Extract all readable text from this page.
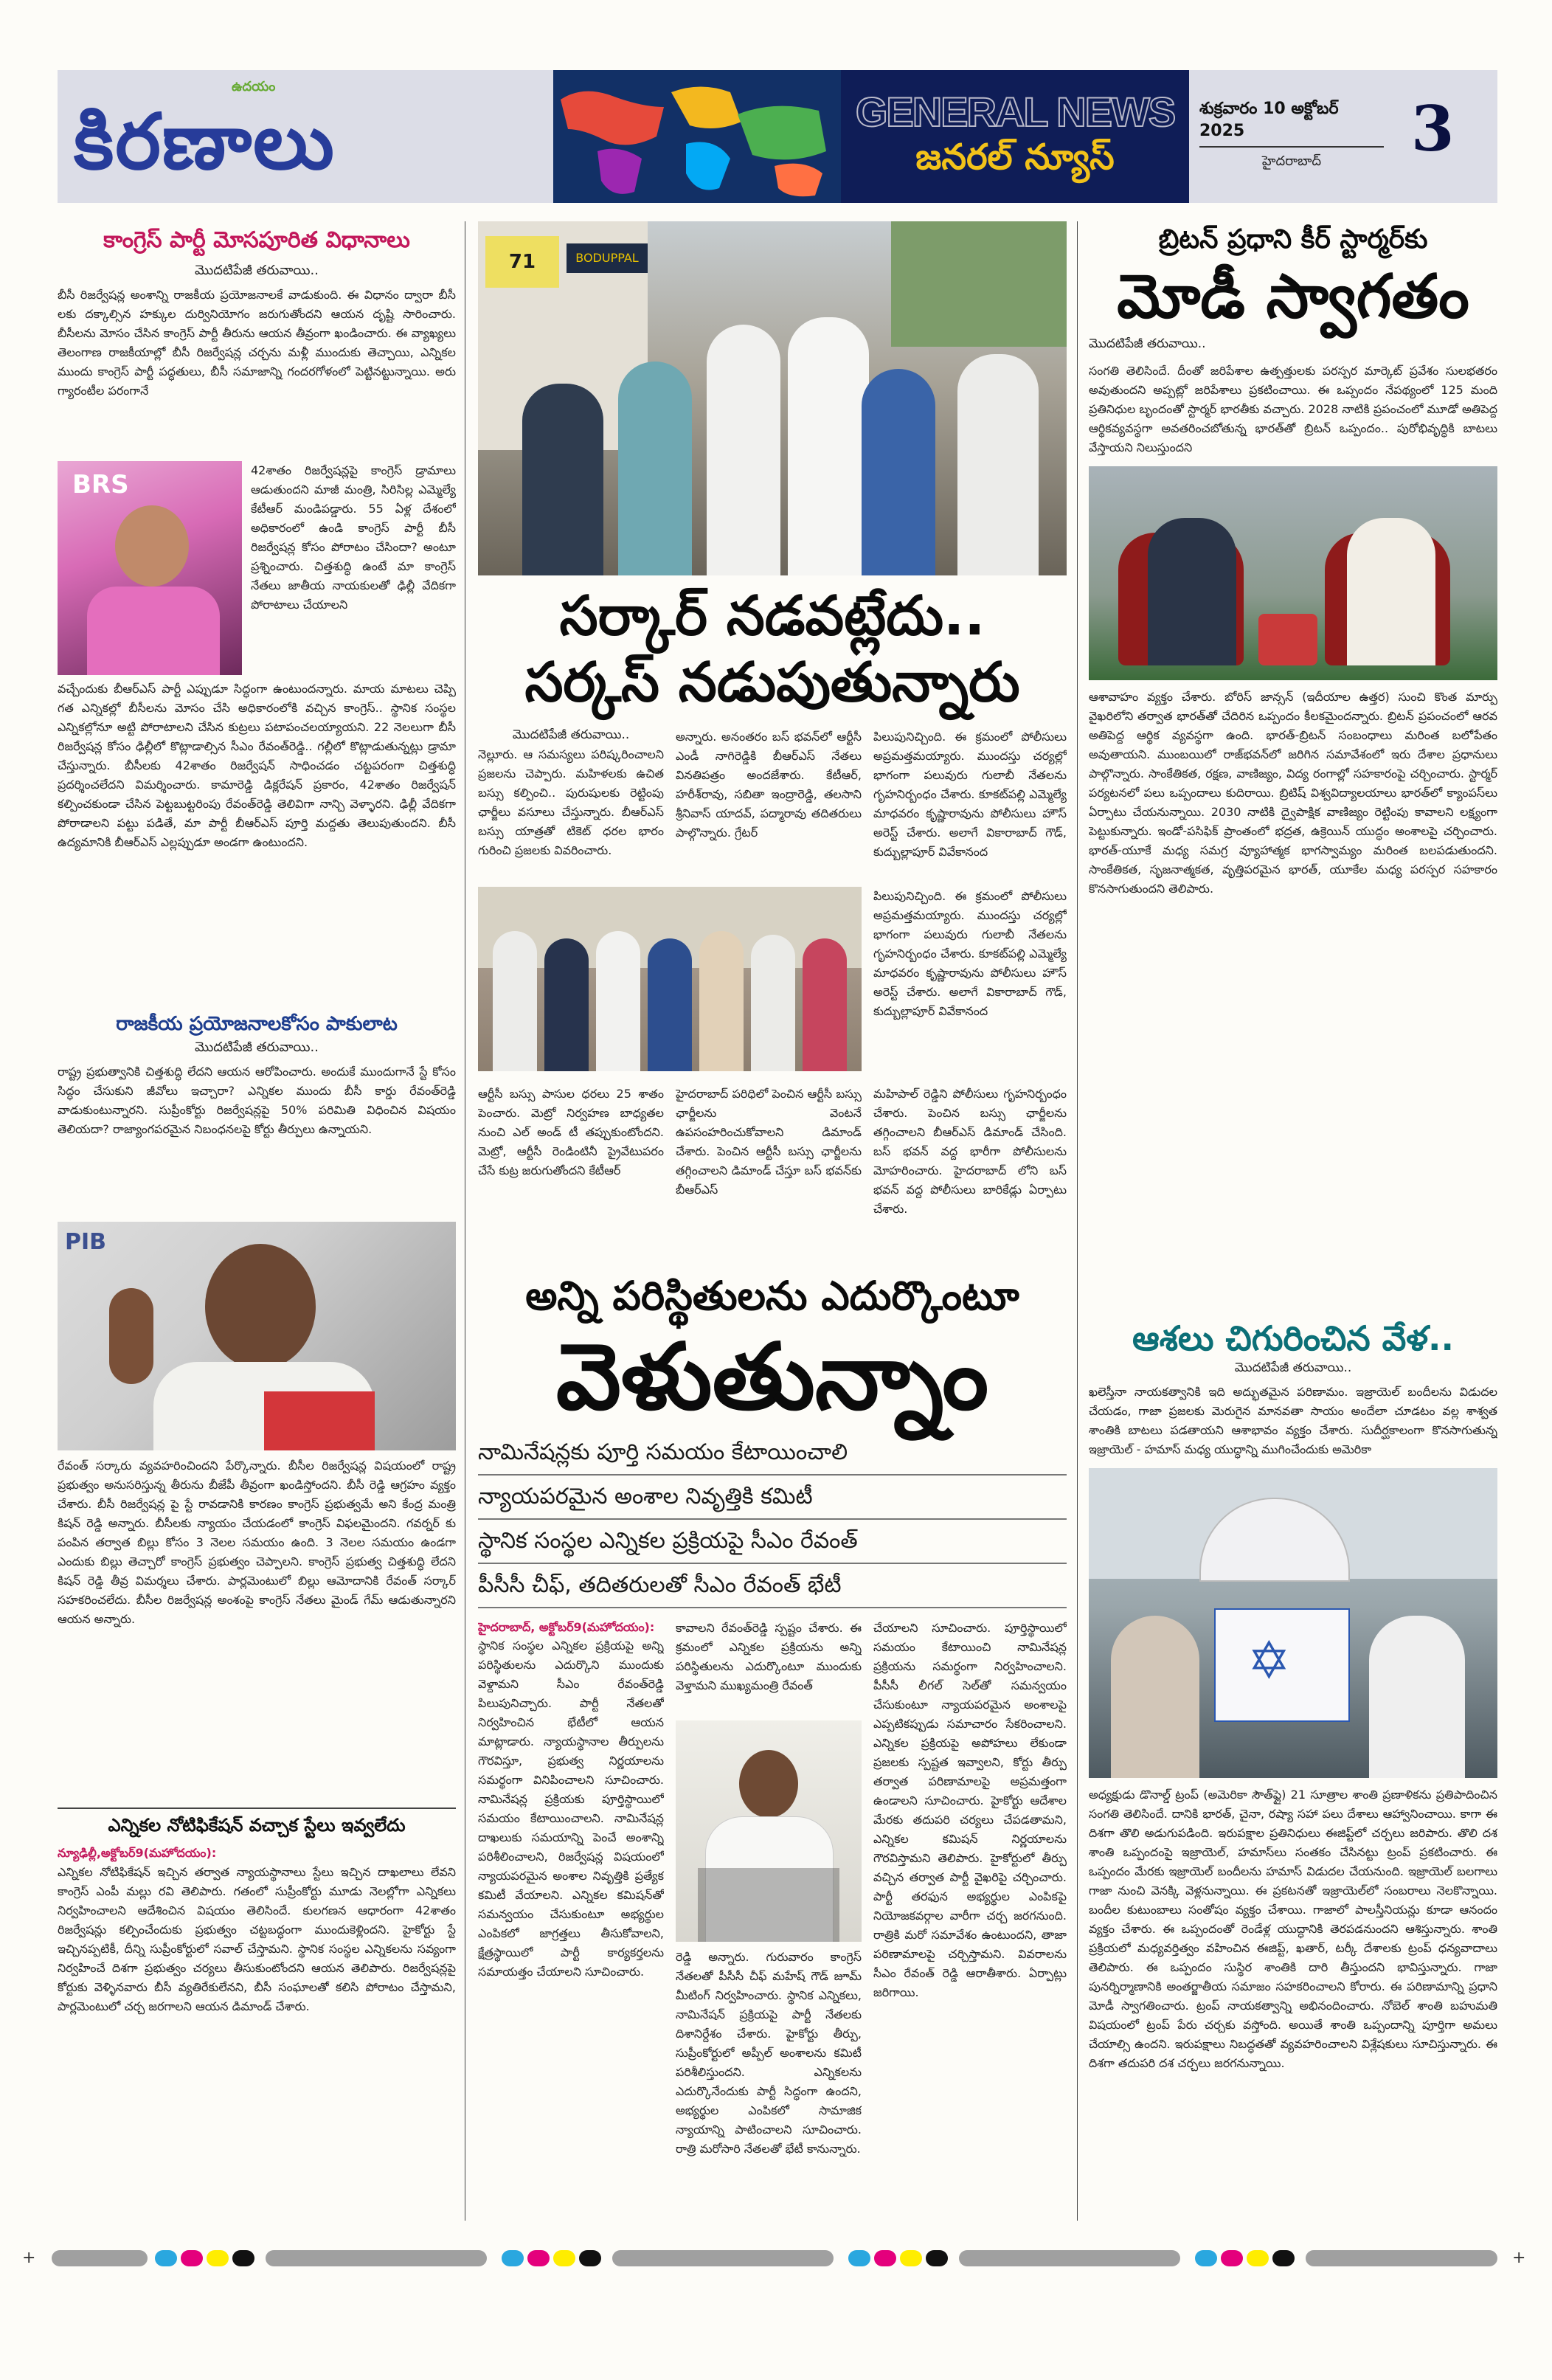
ఉదయం
కిరణాలు	GENERAL NEWS
జనరల్ న్యూస్
శుక్రవారం 10 అక్టోబర్ 2025
హైదరాబాద్	3
కాంగ్రెస్ పార్టీ మోసపూరిత విధానాలు
మొదటిపేజీ తరువాయి..
బీసీ రిజర్వేషన్ల అంశాన్ని రాజకీయ ప్రయోజనాలకే వాడుకుంది. ఈ విధానం ద్వారా బీసీ లకు దక్కాల్సిన హక్కుల దుర్వినియోగం జరుగుతోందని ఆయన దృష్టి సారించారు. బీసీలను మోసం చేసిన కాంగ్రెస్ పార్టీ తీరును ఆయన తీవ్రంగా ఖండించారు. ఈ వ్యాఖ్యలు తెలంగాణ రాజకీయాల్లో బీసీ రిజర్వేషన్ల చర్చను మళ్లీ ముందుకు తెచ్చాయి, ఎన్నికల ముందు కాంగ్రెస్ పార్టీ పద్ధతులు, బీసీ సమాజాన్ని గందరగోళంలో పెట్టినట్టున్నాయి. అరు గ్యారంటీల పరంగానే
BRS	42శాతం రిజర్వేషన్లపై కాంగ్రెస్ డ్రామాలు ఆడుతుందని మాజీ మంత్రి, సిరిసిల్ల ఎమ్మెల్యే కేటీఆర్ మండిపడ్డారు. 55 ఏళ్ల దేశంలో అధికారంలో ఉండి కాంగ్రెస్ పార్టీ బీసీ రిజర్వేషన్ల కోసం పోరాటం చేసిందా? అంటూ ప్రశ్నించారు. చిత్తశుద్ధి ఉంటే మా కాంగ్రెస్ నేతలు జాతీయ నాయకులతో ఢిల్లీ వేదికగా పోరాటాలు చేయాలని
వచ్చేందుకు బీఆర్ఎస్ పార్టీ ఎప్పుడూ సిద్ధంగా ఉంటుందన్నారు. మాయ మాటలు చెప్పి గత ఎన్నికల్లో బీసీలను మోసం చేసి అధికారంలోకి వచ్చిన కాంగ్రెస్.. స్థానిక సంస్థల ఎన్నికల్లోనూ అట్టి పోరాటాలని చేసిన కుట్రలు పటాపంచలయ్యాయని. 22 నెలలుగా బీసీ రిజర్వేషన్ల కోసం ఢిల్లీలో కొట్లాడాల్సిన సీఎం రేవంత్‌రెడ్డి.. గల్లీలో కొట్లాడుతున్నట్లు డ్రామా చేస్తున్నారు. బీసీలకు 42శాతం రిజర్వేషన్ సాధించడం చట్టపరంగా చిత్తశుద్ధి ప్రదర్శించలేదని విమర్శించారు. కామారెడ్డి డిక్లరేషన్ ప్రకారం, 42శాతం రిజర్వేషన్ కల్పించకుండా చేసిన పెట్టబుట్టరింపు రేవంత్‌రెడ్డి తెలివిగా నాన్చి వెళ్ళారని. ఢిల్లీ వేదికగా పోరాడాలని పట్టు పడితే, మా పార్టీ బీఆర్ఎస్ పూర్తి మద్దతు తెలుపుతుందని. బీసీ ఉద్యమానికి బీఆర్ఎస్ ఎల్లప్పుడూ అండగా ఉంటుందని.
రాజకీయ ప్రయోజనాలకోసం పాకులాట
మొదటిపేజీ తరువాయి..
రాష్ట్ర ప్రభుత్వానికి చిత్తశుద్ధి లేదని ఆయన ఆరోపించారు. అందుకే ముందుగానే స్టే కోసం సిద్ధం చేసుకుని జీవోలు ఇచ్చారా? ఎన్నికల ముందు బీసీ కార్డు రేవంత్‌రెడ్డి వాడుకుంటున్నారని. సుప్రీంకోర్టు రిజర్వేషన్లపై 50% పరిమితి విధించిన విషయం తెలియదా? రాజ్యాంగపరమైన నిబంధనలపై కోర్టు తీర్పులు ఉన్నాయని.
PIB
రేవంత్ సర్కారు వ్యవహరించిందని పేర్కొన్నారు. బీసీల రిజర్వేషన్ల విషయంలో రాష్ట్ర ప్రభుత్వం అనుసరిస్తున్న తీరును బీజేపీ తీవ్రంగా ఖండిస్తోందని. బీసీ రెడ్డి ఆగ్రహం వ్యక్తం చేశారు. బీసీ రిజర్వేషన్ల పై స్టే రావడానికి కారణం కాంగ్రెస్ ప్రభుత్వమే అని కేంద్ర మంత్రి కిషన్ రెడ్డి అన్నారు. బీసీలకు న్యాయం చేయడంలో కాంగ్రెస్ విఫలమైందని. గవర్నర్ కు పంపిన తర్వాత బిల్లు కోసం 3 నెలల సమయం ఉంది. 3 నెలల సమయం ఉండగా ఎందుకు బిల్లు తెచ్చారో కాంగ్రెస్ ప్రభుత్వం చెప్పాలని. కాంగ్రెస్ ప్రభుత్వ చిత్తశుద్ధి లేదని కిషన్ రెడ్డి తీవ్ర విమర్శలు చేశారు. పార్లమెంటులో బిల్లు ఆమోదానికి రేవంత్ సర్కార్ సహకరించలేదు. బీసీల రిజర్వేషన్ల అంశంపై కాంగ్రెస్ నేతలు మైండ్ గేమ్ ఆడుతున్నారని ఆయన అన్నారు.
ఎన్నికల నోటిఫికేషన్ వచ్చాక స్టేలు ఇవ్వలేదు
న్యూఢిల్లీ,అక్టోబర్9(మహోదయం):
ఎన్నికల నోటిఫికేషన్ ఇచ్చిన తర్వాత న్యాయస్థానాలు స్టేలు ఇచ్చిన దాఖలాలు లేవని కాంగ్రెస్ ఎంపీ మల్లు రవి తెలిపారు. గతంలో సుప్రీంకోర్టు మూడు నెలల్లోగా ఎన్నికలు నిర్వహించాలని ఆదేశించిన విషయం తెలిసిందే. కులగణన ఆధారంగా 42శాతం రిజర్వేషన్లు కల్పించేందుకు ప్రభుత్వం చట్టబద్ధంగా ముందుకెళ్లిందని. హైకోర్టు స్టే ఇచ్చినప్పటికీ, దీన్ని సుప్రీంకోర్టులో సవాల్ చేస్తామని. స్థానిక సంస్థల ఎన్నికలను సవ్యంగా నిర్వహించే దిశగా ప్రభుత్వం చర్యలు తీసుకుంటోందని ఆయన తెలిపారు. రిజర్వేషన్లపై కోర్టుకు వెళ్ళినవారు బీసీ వ్యతిరేకులేనని, బీసీ సంఘాలతో కలిసి పోరాటం చేస్తామని, పార్లమెంటులో చర్చ జరగాలని ఆయన డిమాండ్ చేశారు.
71	BODUPPAL
సర్కార్ నడవట్లేదు..
సర్కస్ నడుపుతున్నారు
మొదటిపేజీ తరువాయి..
నెల్లూరు. ఆ సమస్యలు పరిష్కరించాలని ప్రజలను చెప్పారు. మహిళలకు ఉచిత బస్సు కల్పించి.. పురుషులకు రెట్టింపు ఛార్జీలు వసూలు చేస్తున్నారు. బీఆర్ఎస్ బస్సు యాత్రతో టికెట్ ధరల భారం గురించి ప్రజలకు వివరించారు.
అన్నారు. అనంతరం బస్ భవన్‌లో ఆర్టీసీ ఎండీ నాగిరెడ్డికి బీఆర్ఎస్ నేతలు వినతిపత్రం అందజేశారు. కేటీఆర్, హరీశ్‌రావు, సబితా ఇంద్రారెడ్డి, తలసాని శ్రీనివాస్ యాదవ్, పద్మారావు తదితరులు పాల్గొన్నారు. గ్రేటర్
పిలుపునిచ్చింది. ఈ క్రమంలో పోలీసులు అప్రమత్తమయ్యారు. ముందస్తు చర్యల్లో భాగంగా పలువురు గులాబీ నేతలను గృహనిర్బంధం చేశారు. కూకట్‌పల్లి ఎమ్మెల్యే మాధవరం కృష్ణారావును పోలీసులు హౌస్ అరెస్ట్ చేశారు. అలాగే వికారాబాద్ గౌడ్, కుద్బుల్లాపూర్ వివేకానంద
పిలుపునిచ్చింది. ఈ క్రమంలో పోలీసులు అప్రమత్తమయ్యారు. ముందస్తు చర్యల్లో భాగంగా పలువురు గులాబీ నేతలను గృహనిర్బంధం చేశారు. కూకట్‌పల్లి ఎమ్మెల్యే మాధవరం కృష్ణారావును పోలీసులు హౌస్ అరెస్ట్ చేశారు. అలాగే వికారాబాద్ గౌడ్, కుద్బుల్లాపూర్ వివేకానంద
ఆర్టీసీ బస్సు పాసుల ధరలు 25 శాతం పెంచారు. మెట్రో నిర్వహణ బాధ్యతల నుంచి ఎల్ అండ్ టీ తప్పుకుంటోందని. మెట్రో, ఆర్టీసీ రెండింటినీ ప్రైవేటుపరం చేసే కుట్ర జరుగుతోందని కేటీఆర్
హైదరాబాద్ పరిధిలో పెంచిన ఆర్టీసీ బస్సు ఛార్జీలను వెంటనే ఉపసంహరించుకోవాలని డిమాండ్ చేశారు. పెంచిన ఆర్టీసీ బస్సు ఛార్జీలను తగ్గించాలని డిమాండ్ చేస్తూ బస్ భవన్‌కు బీఆర్ఎస్
మహిపాల్ రెడ్డిని పోలీసులు గృహనిర్బంధం చేశారు. పెంచిన బస్సు ఛార్జీలను తగ్గించాలని బీఆర్ఎస్ డిమాండ్ చేసింది. బస్ భవన్ వద్ద భారీగా పోలీసులను మోహరించారు. హైదరాబాద్ లోని బస్ భవన్ వద్ద పోలీసులు బారికేడ్లు ఏర్పాటు చేశారు.
అన్ని పరిస్థితులను ఎదుర్కొంటూ
వెళుతున్నాం
నామినేషన్లకు పూర్తి సమయం కేటాయించాలి
న్యాయపరమైన అంశాల నివృత్తికి కమిటీ
స్థానిక సంస్థల ఎన్నికల ప్రక్రియపై సీఎం రేవంత్
పీసీసీ చీఫ్, తదితరులతో సీఎం రేవంత్ భేటీ
హైదరాబాద్, అక్టోబర్9(మహోదయం):
స్థానిక సంస్థల ఎన్నికల ప్రక్రియపై అన్ని పరిస్థితులను ఎదుర్కొని ముందుకు వెళ్దామని సీఎం రేవంత్‌రెడ్డి పిలుపునిచ్చారు. పార్టీ నేతలతో నిర్వహించిన భేటీలో ఆయన మాట్లాడారు. న్యాయస్థానాల తీర్పులను గౌరవిస్తూ, ప్రభుత్వ నిర్ణయాలను సమర్థంగా వినిపించాలని సూచించారు. నామినేషన్ల ప్రక్రియకు పూర్తిస్థాయిలో సమయం కేటాయించాలని. నామినేషన్ల దాఖలుకు సమయాన్ని పెంచే అంశాన్ని పరిశీలించాలని, రిజర్వేషన్ల విషయంలో న్యాయపరమైన అంశాల నివృత్తికి ప్రత్యేక కమిటీ వేయాలని. ఎన్నికల కమిషన్‌తో సమన్వయం చేసుకుంటూ అభ్యర్థుల ఎంపికలో జాగ్రత్తలు తీసుకోవాలని, క్షేత్రస్థాయిలో పార్టీ కార్యకర్తలను సమాయత్తం చేయాలని సూచించారు.
కావాలని రేవంత్‌రెడ్డి స్పష్టం చేశారు. ఈ క్రమంలో ఎన్నికల ప్రక్రియను అన్ని పరిస్థితులను ఎదుర్కొంటూ ముందుకు వెళ్తామని ముఖ్యమంత్రి రేవంత్
రెడ్డి అన్నారు. గురువారం కాంగ్రెస్ నేతలతో పీసీసీ చీఫ్ మహేష్ గౌడ్ జూమ్ మీటింగ్ నిర్వహించారు. స్థానిక ఎన్నికలు, నామినేషన్ ప్రక్రియపై పార్టీ నేతలకు దిశానిర్దేశం చేశారు. హైకోర్టు తీర్పు, సుప్రీంకోర్టులో అప్పీల్ అంశాలను కమిటీ పరిశీలిస్తుందని. ఎన్నికలను ఎదుర్కొనేందుకు పార్టీ సిద్ధంగా ఉందని, అభ్యర్థుల ఎంపికలో సామాజిక న్యాయాన్ని పాటించాలని సూచించారు. రాత్రి మరోసారి నేతలతో భేటీ కానున్నారు.
చేయాలని సూచించారు. పూర్తిస్థాయిలో సమయం కేటాయించి నామినేషన్ల ప్రక్రియను సమర్థంగా నిర్వహించాలని. పీసీసీ లీగల్ సెల్‌తో సమన్వయం చేసుకుంటూ న్యాయపరమైన అంశాలపై ఎప్పటికప్పుడు సమాచారం సేకరించాలని. ఎన్నికల ప్రక్రియపై అపోహలు లేకుండా ప్రజలకు స్పష్టత ఇవ్వాలని, కోర్టు తీర్పు తర్వాత పరిణామాలపై అప్రమత్తంగా ఉండాలని సూచించారు. హైకోర్టు ఆదేశాల మేరకు తదుపరి చర్యలు చేపడతామని, ఎన్నికల కమిషన్ నిర్ణయాలను గౌరవిస్తామని తెలిపారు. హైకోర్టులో తీర్పు వచ్చిన తర్వాత పార్టీ వైఖరిపై చర్చించారు. పార్టీ తరఫున అభ్యర్థుల ఎంపికపై నియోజకవర్గాల వారీగా చర్చ జరగనుంది. రాత్రికి మరో సమావేశం ఉంటుందని, తాజా పరిణామాలపై చర్చిస్తామని. వివరాలను సీఎం రేవంత్ రెడ్డి ఆరాతీశారు. ఏర్పాట్లు జరిగాయి.
బ్రిటన్ ప్రధాని కీర్ స్టార్మర్‌కు
మోడీ స్వాగతం
మొదటిపేజీ తరువాయి..
సంగతి తెలిసిందే. దీంతో జరిపేశాల ఉత్పత్తులకు పరస్పర మార్కెట్ ప్రవేశం సులభతరం అవుతుందని అప్పట్లో జరిపేశాలు ప్రకటించాయి. ఈ ఒప్పందం నేపథ్యంలో 125 మంది ప్రతినిధుల బృందంతో స్టార్మర్ భారతీకు వచ్చారు. 2028 నాటికి ప్రపంచంలో మూడో అతిపెద్ద ఆర్థికవ్యవస్థగా అవతరించబోతున్న భారత్‌తో బ్రిటన్ ఒప్పందం.. పురోభివృద్ధికి బాటలు వేస్తాయని నిలుస్తుందని
ఆశావాహం వ్యక్తం చేశారు. బోరిస్ జాన్సన్ (ఇదీయాల ఉత్తర) సుంచి కొంత మార్పు వైఖరిలోని తర్వాత భారత్‌తో చేదిరిన ఒప్పందం కీలకమైందన్నారు. బ్రిటన్ ప్రపంచంలో ఆరవ అతిపెద్ద ఆర్థిక వ్యవస్థగా ఉంది. భారత్-బ్రిటన్ సంబంధాలు మరింత బలోపేతం అవుతాయని. ముంబయిలో రాజ్‌భవన్‌లో జరిగిన సమావేశంలో ఇరు దేశాల ప్రధానులు పాల్గొన్నారు. సాంకేతికత, రక్షణ, వాణిజ్యం, విద్య రంగాల్లో సహకారంపై చర్చించారు. స్టార్మర్ పర్యటనలో పలు ఒప్పందాలు కుదిరాయి. బ్రిటిష్ విశ్వవిద్యాలయాలు భారత్‌లో క్యాంపస్‌లు ఏర్పాటు చేయనున్నాయి. 2030 నాటికి ద్వైపాక్షిక వాణిజ్యం రెట్టింపు కావాలని లక్ష్యంగా పెట్టుకున్నారు. ఇండో-పసిఫిక్ ప్రాంతంలో భద్రత, ఉక్రెయిన్ యుద్ధం అంశాలపై చర్చించారు. భారత్-యూకే మధ్య సమగ్ర వ్యూహాత్మక భాగస్వామ్యం మరింత బలపడుతుందని. సాంకేతికత, సృజనాత్మకత, వృత్తిపరమైన భారత్, యూకేల మధ్య పరస్పర సహకారం కొనసాగుతుందని తెలిపారు.
ఆశలు చిగురించిన వేళ..
మొదటిపేజీ తరువాయి..
ఖలెస్తీనా నాయకత్వానికి ఇది అద్భుతమైన పరిణామం. ఇజ్రాయెల్ బందీలను విడుదల చేయడం, గాజా ప్రజలకు మెరుగైన మానవతా సాయం అందేలా చూడటం వల్ల శాశ్వత శాంతికి బాటలు పడతాయని ఆశాభావం వ్యక్తం చేశారు. సుదీర్ఘకాలంగా కొనసాగుతున్న ఇజ్రాయెల్ - హమాస్ మధ్య యుద్ధాన్ని ముగించేందుకు అమెరికా
✡
అధ్యక్షుడు డొనాల్డ్ ట్రంప్ (అమెరికా సౌత్‌ఫ్లై) 21 సూత్రాల శాంతి ప్రణాళికను ప్రతిపాదించిన సంగతి తెలిసిందే. దానికి భారత్, చైనా, రష్యా సహా పలు దేశాలు ఆహ్వానించాయి. కాగా ఈ దిశగా తొలి అడుగుపడింది. ఇరుపక్షాల ప్రతినిధులు ఈజిప్ట్‌లో చర్చలు జరిపారు. తొలి దశ శాంతి ఒప్పందంపై ఇజ్రాయెల్, హమాస్‌లు సంతకం చేసినట్టు ట్రంప్ ప్రకటించారు. ఈ ఒప్పందం మేరకు ఇజ్రాయెల్ బందీలను హమాస్ విడుదల చేయనుంది. ఇజ్రాయెల్ బలగాలు గాజా నుంచి వెనక్కి వెళ్లనున్నాయి. ఈ ప్రకటనతో ఇజ్రాయెల్‌లో సంబరాలు నెలకొన్నాయి. బందీల కుటుంబాలు సంతోషం వ్యక్తం చేశాయి. గాజాలో పాలస్తీనియన్లు కూడా ఆనందం వ్యక్తం చేశారు. ఈ ఒప్పందంతో రెండేళ్ల యుద్ధానికి తెరపడనుందని ఆశిస్తున్నారు. శాంతి ప్రక్రియలో మధ్యవర్తిత్వం వహించిన ఈజిప్ట్, ఖతార్, టర్కీ దేశాలకు ట్రంప్ ధన్యవాదాలు తెలిపారు. ఈ ఒప్పందం సుస్థిర శాంతికి దారి తీస్తుందని భావిస్తున్నారు. గాజా పునర్నిర్మాణానికి అంతర్జాతీయ సమాజం సహకరించాలని కోరారు. ఈ పరిణామాన్ని ప్రధాని మోడీ స్వాగతించారు. ట్రంప్ నాయకత్వాన్ని అభినందించారు. నోబెల్ శాంతి బహుమతి విషయంలో ట్రంప్ పేరు చర్చకు వస్తోంది. అయితే శాంతి ఒప్పందాన్ని పూర్తిగా అమలు చేయాల్సి ఉందని. ఇరుపక్షాలు నిబద్ధతతో వ్యవహరించాలని విశ్లేషకులు సూచిస్తున్నారు. ఈ దిశగా తదుపరి దశ చర్చలు జరగనున్నాయి.
+	+
